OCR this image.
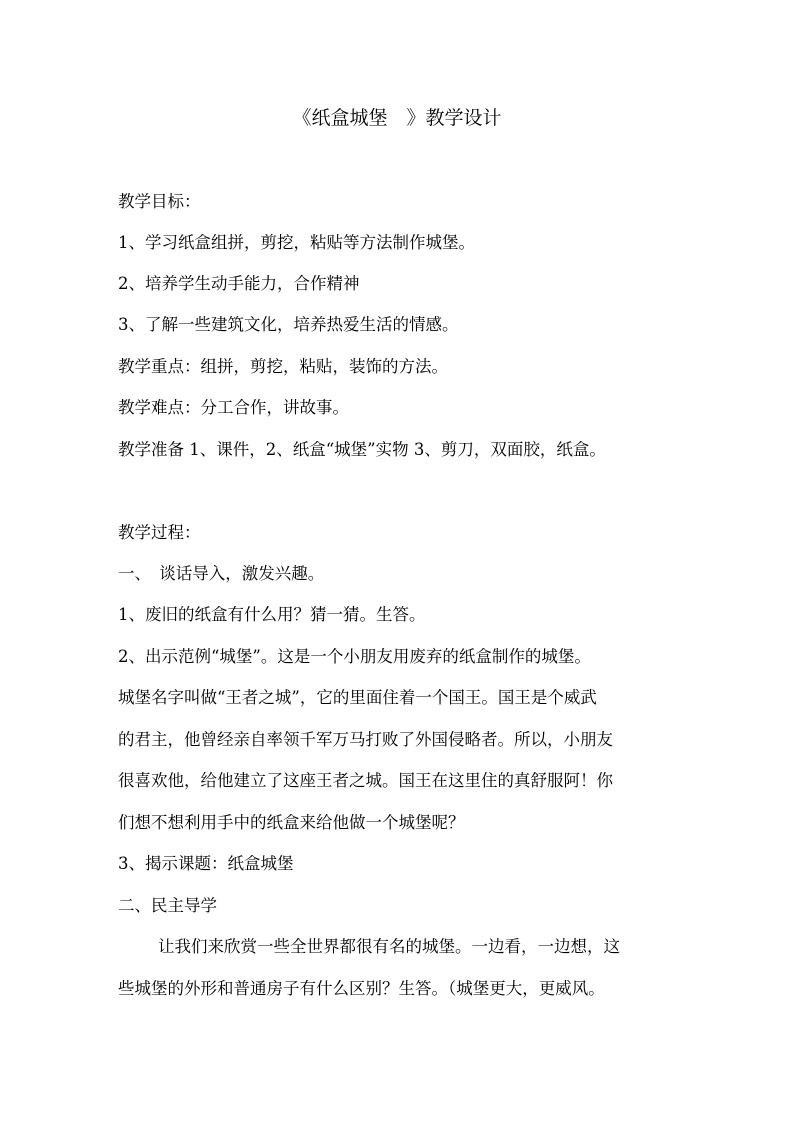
《纸盒城堡　》教学设计
教学目标：
1、学习纸盒组拼，剪挖，粘贴等方法制作城堡。
2、培养学生动手能力，合作精神
3、了解一些建筑文化，培养热爱生活的情感。
教学重点：组拼，剪挖，粘贴，装饰的方法。
教学难点：分工合作，讲故事。
教学准备 1、课件，2、纸盒“城堡”实物 3、剪刀，双面胶，纸盒。
教学过程：
一、　谈话导入，激发兴趣。
1、废旧的纸盒有什么用？猜一猜。生答。
2、出示范例“城堡”。这是一个小朋友用废弃的纸盒制作的城堡。
城堡名字叫做“王者之城”，它的里面住着一个国王。国王是个威武
的君主，他曾经亲自率领千军万马打败了外国侵略者。所以，小朋友
很喜欢他，给他建立了这座王者之城。国王在这里住的真舒服阿！你
们想不想利用手中的纸盒来给他做一个城堡呢？
3、揭示课题：纸盒城堡
二、民主导学
让我们来欣赏一些全世界都很有名的城堡。一边看，一边想，这
些城堡的外形和普通房子有什么区别？生答。（城堡更大，更威风。
